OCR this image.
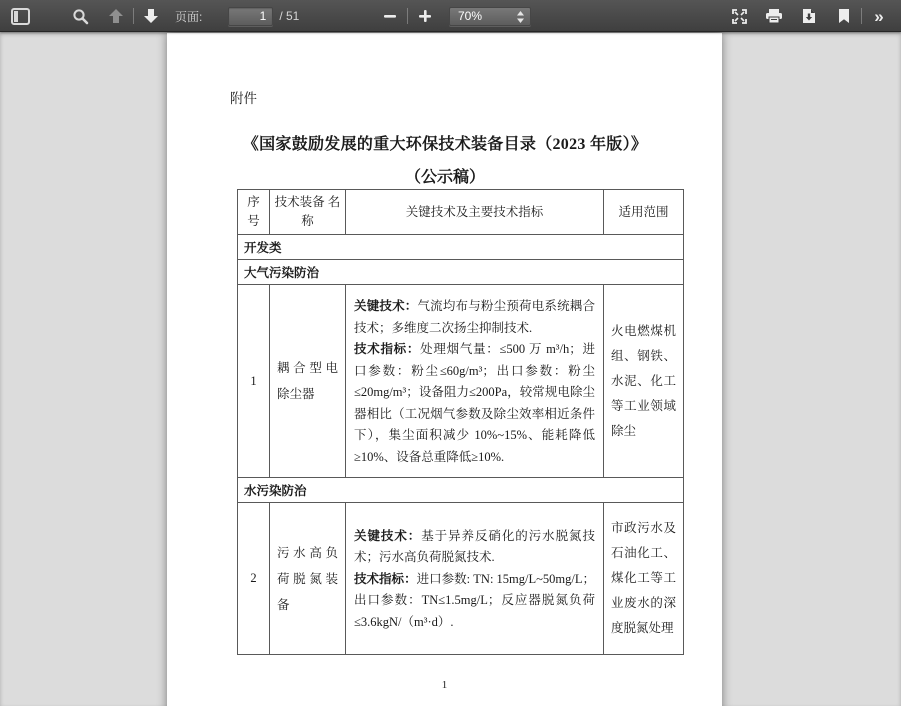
页面:
1	/ 51	70%	»
附件
《国家鼓励发展的重大环保技术装备目录（2023 年版）》
（公示稿）
序 号	技术装备 名称	关键技术及主要技术指标	适用范围
开发类			
大气污染防治			
1	耦合型电除尘器	关键技术：气流均布与粉尘预荷电系统耦合技术；多维度二次扬尘抑制技术.

技术指标：处理烟气量：≤500 万 m³/h；进口参数：粉尘≤60g/m³；出口参数：粉尘≤20mg/m³；设备阻力≤200Pa，较常规电除尘器相比（工况烟气参数及除尘效率相近条件下），集尘面积减少 10%~15%、能耗降低≥10%、设备总重降低≥10%.	火电燃煤机组、钢铁、水泥、化工等工业领域除尘
水污染防治			
2	污水高负荷脱氮装备	关键技术：基于异养反硝化的污水脱氮技术；污水高负荷脱氮技术.

技术指标：进口参数: TN: 15mg/L~50mg/L；出口参数：TN≤1.5mg/L；反应器脱氮负荷≤3.6kgN/（m³·d）.	市政污水及石油化工、煤化工等工业废水的深度脱氮处理
1
